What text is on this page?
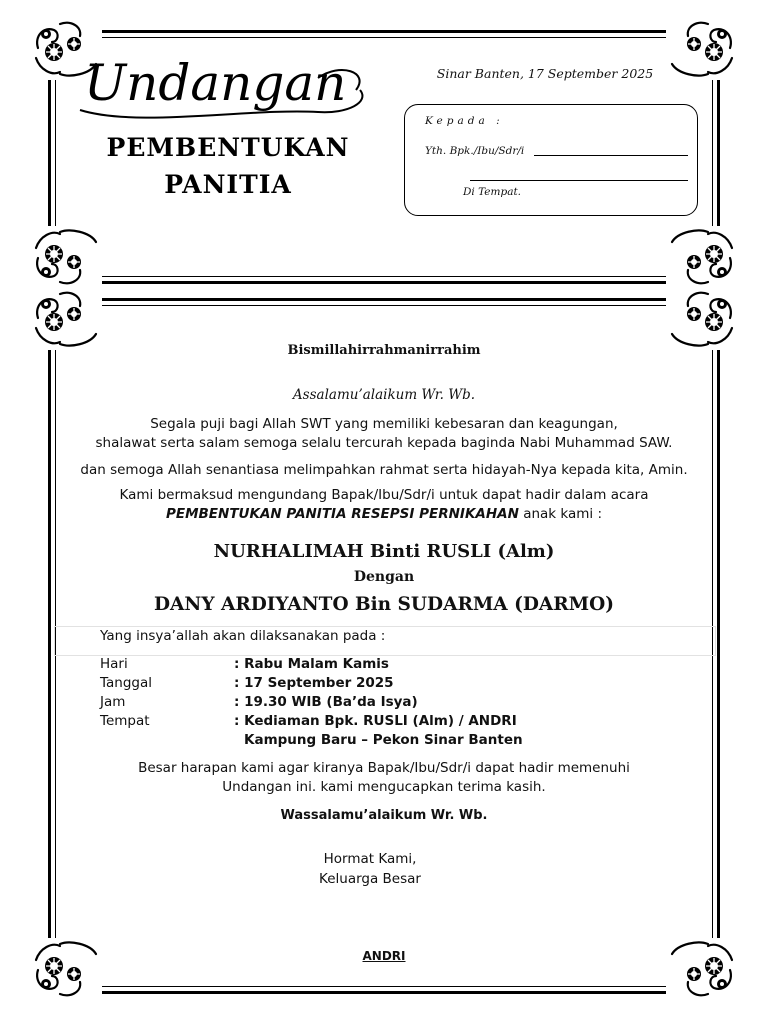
Undangan
PEMBENTUKAN
PANITIA
Sinar Banten, 17 September 2025
Kepada :
Yth. Bpk./Ibu/Sdr/i
Di Tempat.
Bismillahirrahmanirrahim
Assalamu’alaikum Wr. Wb.
Segala puji bagi Allah SWT yang memiliki kebesaran dan keagungan,
shalawat serta salam semoga selalu tercurah kepada baginda Nabi Muhammad SAW.
dan semoga Allah senantiasa melimpahkan rahmat serta hidayah-Nya kepada kita, Amin.
Kami bermaksud mengundang Bapak/Ibu/Sdr/i untuk dapat hadir dalam acara
PEMBENTUKAN PANITIA RESEPSI PERNIKAHAN anak kami :
NURHALIMAH Binti RUSLI (Alm)
Dengan
DANY ARDIYANTO Bin SUDARMA (DARMO)
Yang insya’allah akan dilaksanakan pada :
Hari	: Rabu Malam Kamis
Tanggal	: 17 September 2025
Jam	: 19.30 WIB (Ba’da Isya)
Tempat	: Kediaman Bpk. RUSLI (Alm) / ANDRI
Kampung Baru – Pekon Sinar Banten
Besar harapan kami agar kiranya Bapak/Ibu/Sdr/i dapat hadir memenuhi
Undangan ini. kami mengucapkan terima kasih.
Wassalamu’alaikum Wr. Wb.
Hormat Kami,
Keluarga Besar
ANDRI
